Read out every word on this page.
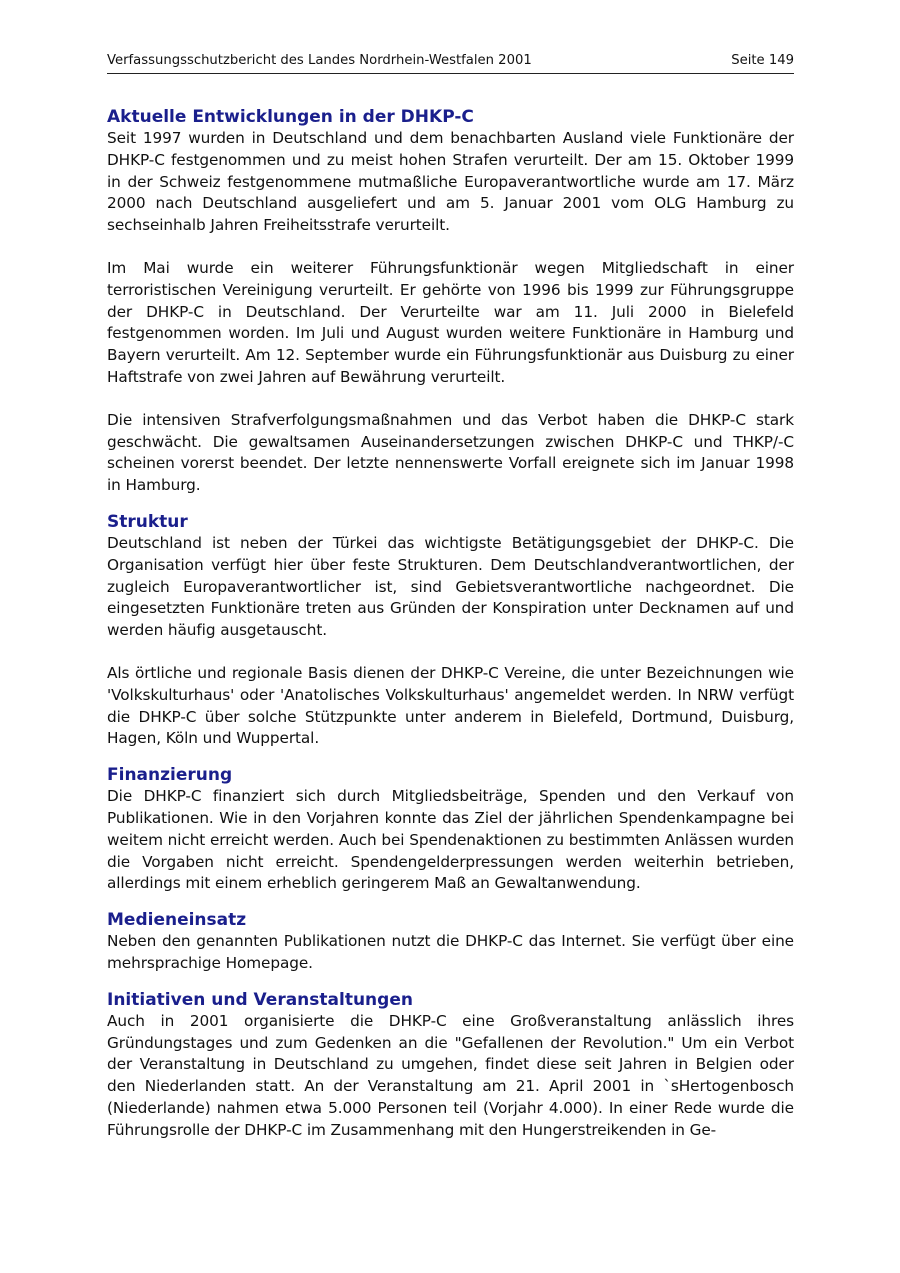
Verfassungsschutzbericht des Landes Nordrhein-Westfalen 2001	Seite 149
Aktuelle Entwicklungen in der DHKP-C

Seit 1997 wurden in Deutschland und dem benachbarten Ausland viele Funktionäre der DHKP-C festgenommen und zu meist hohen Strafen verurteilt. Der am 15. Oktober 1999 in der Schweiz festgenommene mutmaßliche Europaverantwortliche wurde am 17. März 2000 nach Deutschland ausgeliefert und am 5. Januar 2001 vom OLG Hamburg zu sechseinhalb Jahren Freiheitsstrafe verurteilt.

Im Mai wurde ein weiterer Führungsfunktionär wegen Mitgliedschaft in einer terroristischen Vereinigung verurteilt. Er gehörte von 1996 bis 1999 zur Führungsgruppe der DHKP-C in Deutschland. Der Verurteilte war am 11. Juli 2000 in Bielefeld festgenommen worden. Im Juli und August wurden weitere Funktionäre in Hamburg und Bayern verurteilt. Am 12. September wurde ein Führungsfunktionär aus Duisburg zu einer Haftstrafe von zwei Jahren auf Bewährung verurteilt.

Die intensiven Strafverfolgungsmaßnahmen und das Verbot haben die DHKP-C stark geschwächt. Die gewaltsamen Auseinandersetzungen zwischen DHKP-C und THKP/-C scheinen vorerst beendet. Der letzte nennenswerte Vorfall ereignete sich im Januar 1998 in Hamburg.

Struktur

Deutschland ist neben der Türkei das wichtigste Betätigungsgebiet der DHKP-C. Die Organisation verfügt hier über feste Strukturen. Dem Deutschlandverantwortlichen, der zugleich Europaverantwortlicher ist, sind Gebietsverantwortliche nachgeordnet. Die eingesetzten Funktionäre treten aus Gründen der Konspiration unter Decknamen auf und werden häufig ausgetauscht.

Als örtliche und regionale Basis dienen der DHKP-C Vereine, die unter Bezeichnungen wie 'Volkskulturhaus' oder 'Anatolisches Volkskulturhaus' angemeldet werden. In NRW verfügt die DHKP-C über solche Stützpunkte unter anderem in Bielefeld, Dortmund, Duisburg, Hagen, Köln und Wuppertal.

Finanzierung

Die DHKP-C finanziert sich durch Mitgliedsbeiträge, Spenden und den Verkauf von Publikationen. Wie in den Vorjahren konnte das Ziel der jährlichen Spendenkampagne bei weitem nicht erreicht werden. Auch bei Spendenaktionen zu bestimmten Anlässen wurden die Vorgaben nicht erreicht. Spendengelderpressungen werden weiterhin betrieben, allerdings mit einem erheblich geringerem Maß an Gewaltanwendung.

Medieneinsatz

Neben den genannten Publikationen nutzt die DHKP-C das Internet. Sie verfügt über eine mehrsprachige Homepage.

Initiativen und Veranstaltungen

Auch in 2001 organisierte die DHKP-C eine Großveranstaltung anlässlich ihres Gründungstages und zum Gedenken an die "Gefallenen der Revolution." Um ein Verbot der Veranstaltung in Deutschland zu umgehen, findet diese seit Jahren in Belgien oder den Niederlanden statt. An der Veranstaltung am 21. April 2001 in `sHertogenbosch (Niederlande) nahmen etwa 5.000 Personen teil (Vorjahr 4.000). In einer Rede wurde die Führungsrolle der DHKP-C im Zusammenhang mit den Hungerstreikenden in Ge-
